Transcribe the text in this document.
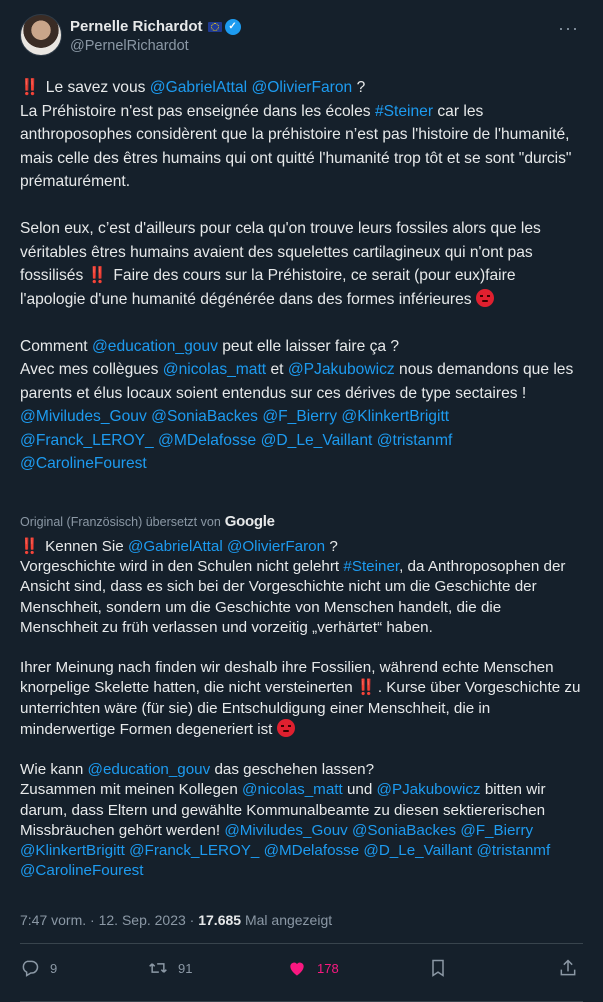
Pernelle Richardot	✓
@PernelRichardot
···

‼️ Le savez vous @GabrielAttal @OlivierFaron ?
La Préhistoire n'est pas enseignée dans les écoles #Steiner car les anthroposophes considèrent que la préhistoire n’est pas l'histoire de l'humanité, mais celle des êtres humains qui ont quitté l'humanité trop tôt et se sont "durcis" prématurément.

Selon eux, c’est d'ailleurs pour cela qu'on trouve leurs fossiles alors que les véritables êtres humains avaient des squelettes cartilagineux qui n'ont pas fossilisés ‼️ Faire des cours sur la Préhistoire, ce serait (pour eux)faire l'apologie d'une humanité dégénérée dans des formes inférieures

Comment @education_gouv peut elle laisser faire ça ?
Avec mes collègues @nicolas_matt et @PJakubowicz nous demandons que les parents et élus locaux soient entendus sur ces dérives de type sectaires ! @Miviludes_Gouv @SoniaBackes @F_Bierry @KlinkertBrigitt @Franck_LEROY_ @MDelafosse @D_Le_Vaillant @tristanmf @CarolineFourest

Original (Französisch) übersetzt von Google

‼️ Kennen Sie @GabrielAttal @OlivierFaron ?
Vorgeschichte wird in den Schulen nicht gelehrt #Steiner, da Anthroposophen der Ansicht sind, dass es sich bei der Vorgeschichte nicht um die Geschichte der Menschheit, sondern um die Geschichte von Menschen handelt, die die Menschheit zu früh verlassen und vorzeitig „verhärtet“ haben.

Ihrer Meinung nach finden wir deshalb ihre Fossilien, während echte Menschen knorpelige Skelette hatten, die nicht versteinerten ‼️ . Kurse über Vorgeschichte zu unterrichten wäre (für sie) die Entschuldigung einer Menschheit, die in minderwertige Formen degeneriert ist

Wie kann @education_gouv das geschehen lassen?
Zusammen mit meinen Kollegen @nicolas_matt und @PJakubowicz bitten wir darum, dass Eltern und gewählte Kommunalbeamte zu diesen sektiererischen Missbräuchen gehört werden! @Miviludes_Gouv @SoniaBackes @F_Bierry @KlinkertBrigitt @Franck_LEROY_ @MDelafosse @D_Le_Vaillant @tristanmf @CarolineFourest

7:47 vorm. · 12. Sep. 2023 · 17.685 Mal angezeigt
9	91	178
